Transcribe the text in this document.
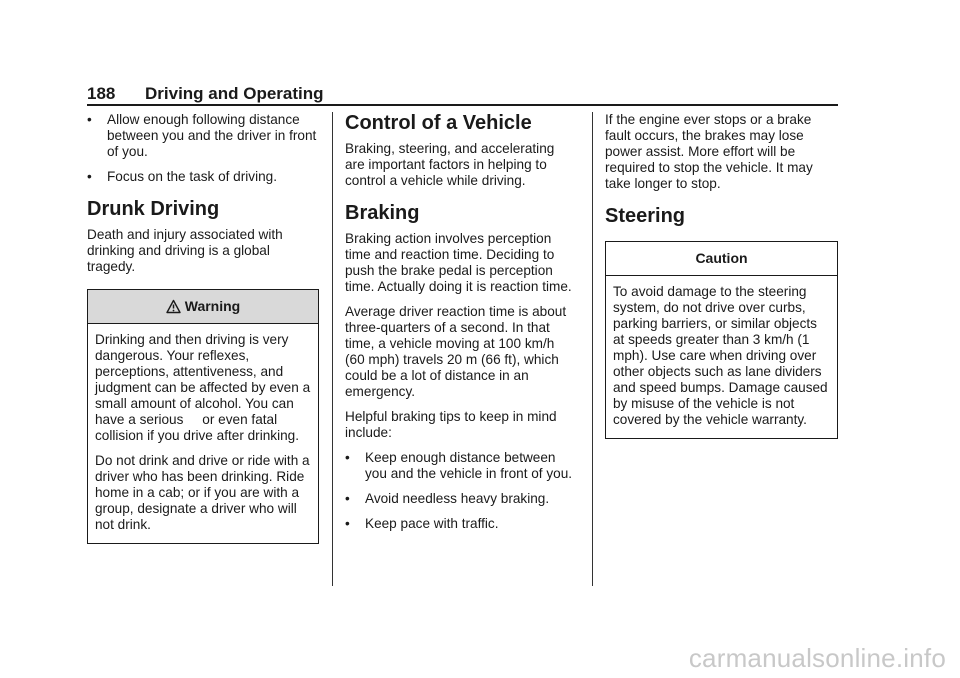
188 Driving and Operating
• Allow enough following distance between you and the driver in front of you.
• Focus on the task of driving.
Drunk Driving

Death and injury associated with drinking and driving is a global tragedy.

Warning

Drinking and then driving is very dangerous. Your reflexes, perceptions, attentiveness, and judgment can be affected by even a small amount of alcohol. You can have a serious     or even fatal     collision if you drive after drinking.

Do not drink and drive or ride with a driver who has been drinking. Ride home in a cab; or if you are with a group, designate a driver who will not drink.

Control of a Vehicle

Braking, steering, and accelerating are important factors in helping to control a vehicle while driving.

Braking

Braking action involves perception time and reaction time. Deciding to push the brake pedal is perception time. Actually doing it is reaction time.

Average driver reaction time is about three-quarters of a second. In that time, a vehicle moving at 100 km/h (60 mph) travels 20 m (66 ft), which could be a lot of distance in an emergency.

Helpful braking tips to keep in mind include:

• Keep enough distance between you and the vehicle in front of you.
• Avoid needless heavy braking.
• Keep pace with traffic.

If the engine ever stops or a brake fault occurs, the brakes may lose power assist. More effort will be required to stop the vehicle. It may take longer to stop.

Steering
Caution

To avoid damage to the steering system, do not drive over curbs, parking barriers, or similar objects at speeds greater than 3 km/h (1 mph). Use care when driving over other objects such as lane dividers and speed bumps. Damage caused by misuse of the vehicle is not covered by the vehicle warranty.

carmanualsonline.info
